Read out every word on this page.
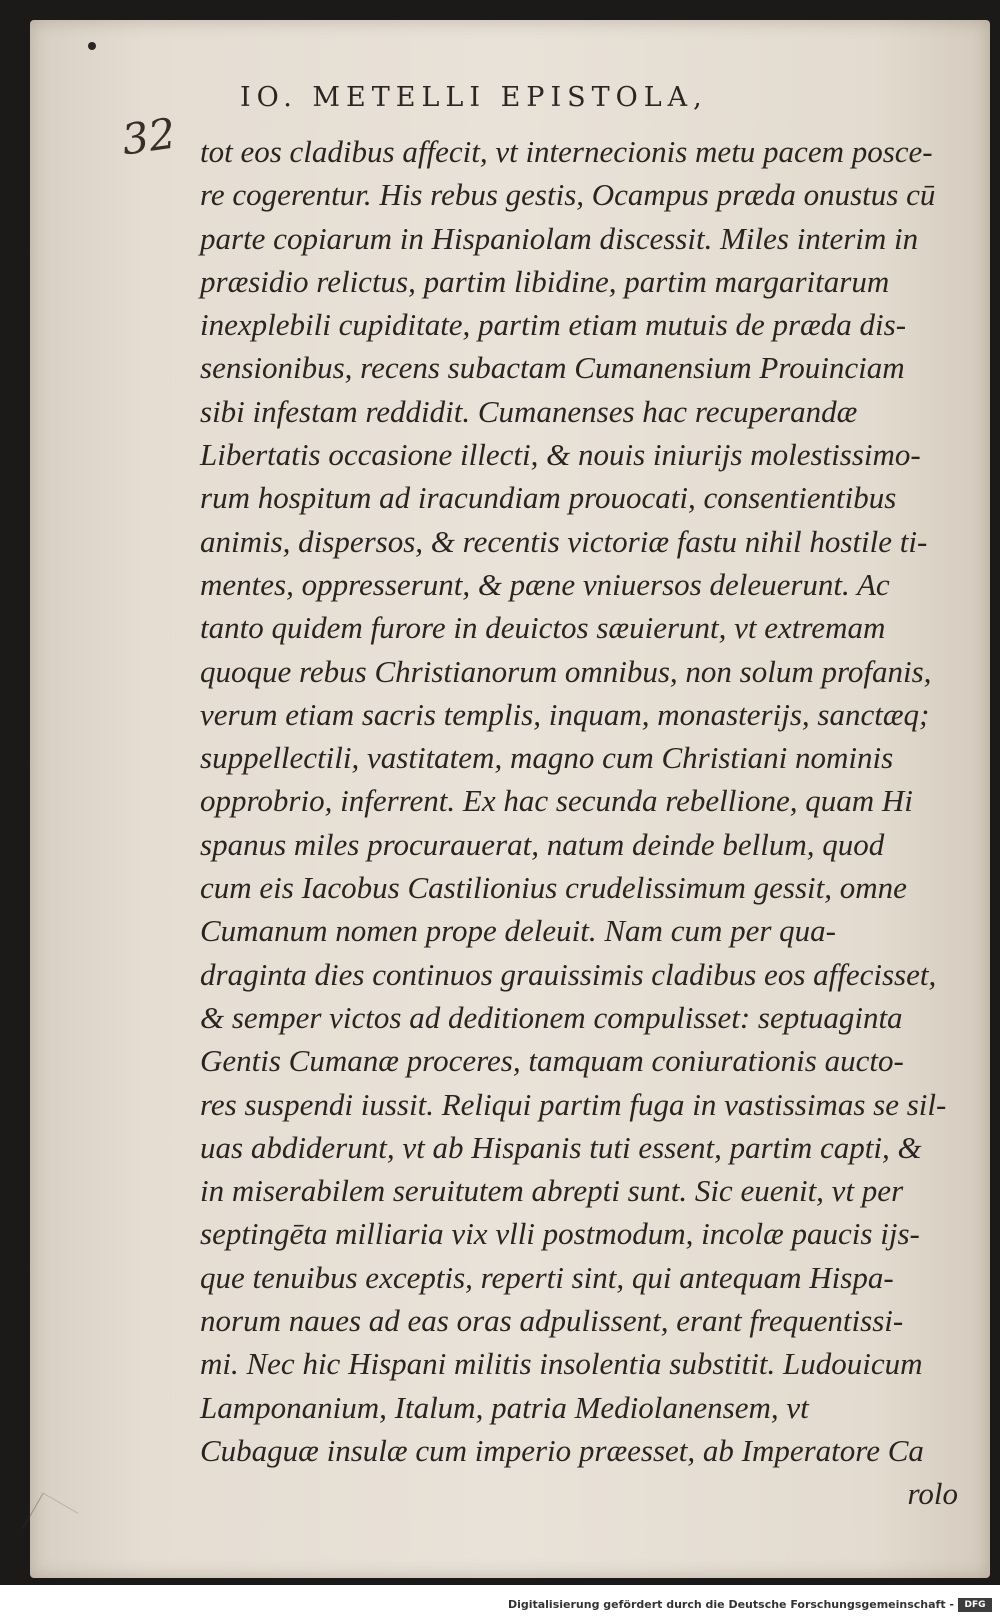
IO. METELLI EPISTOLA,
32 tot eos cladibus affecit, vt internecionis metu pacem posce-
re cogerentur. His rebus gestis, Ocampus præda onustus cū
parte copiarum in Hispaniolam discessit. Miles interim in
præsidio relictus, partim libidine, partim margaritarum
inexplebili cupiditate, partim etiam mutuis de præda dis-
sensionibus, recens subactam Cumanensium Prouinciam
sibi infestam reddidit. Cumanenses hac recuperandæ
Libertatis occasione illecti, & nouis iniurijs molestissimo-
rum hospitum ad iracundiam prouocati, consentientibus
animis, dispersos, & recentis victoriæ fastu nihil hostile ti-
mentes, oppresserunt, & pæne vniuersos deleuerunt. Ac
tanto quidem furore in deuictos sæuierunt, vt extremam
quoque rebus Christianorum omnibus, non solum profanis,
verum etiam sacris templis, inquam, monasterijs, sanctæq;
suppellectili, vastitatem, magno cum Christiani nominis
opprobrio, inferrent. Ex hac secunda rebellione, quam Hi
spanus miles procurauerat, natum deinde bellum, quod
cum eis Iacobus Castilionius crudelissimum gessit, omne
Cumanum nomen prope deleuit. Nam cum per qua-
draginta dies continuos grauissimis cladibus eos affecisset,
& semper victos ad deditionem compulisset: septuaginta
Gentis Cumanæ proceres, tamquam coniurationis aucto-
res suspendi iussit. Reliqui partim fuga in vastissimas se sil-
uas abdiderunt, vt ab Hispanis tuti essent, partim capti, &
in miserabilem seruitutem abrepti sunt. Sic euenit, vt per
septingēta milliaria vix vlli postmodum, incolæ paucis ijs-
que tenuibus exceptis, reperti sint, qui antequam Hispa-
norum naues ad eas oras adpulissent, erant frequentissi-
mi. Nec hic Hispani militis insolentia substitit. Ludouicum
Lamponanium, Italum, patria Mediolanensem, vt
Cubaguæ insulæ cum imperio præesset, ab Imperatore Ca
rolo
Digitalisierung gefördert durch die Deutsche Forschungsgemeinschaft -	DFG
